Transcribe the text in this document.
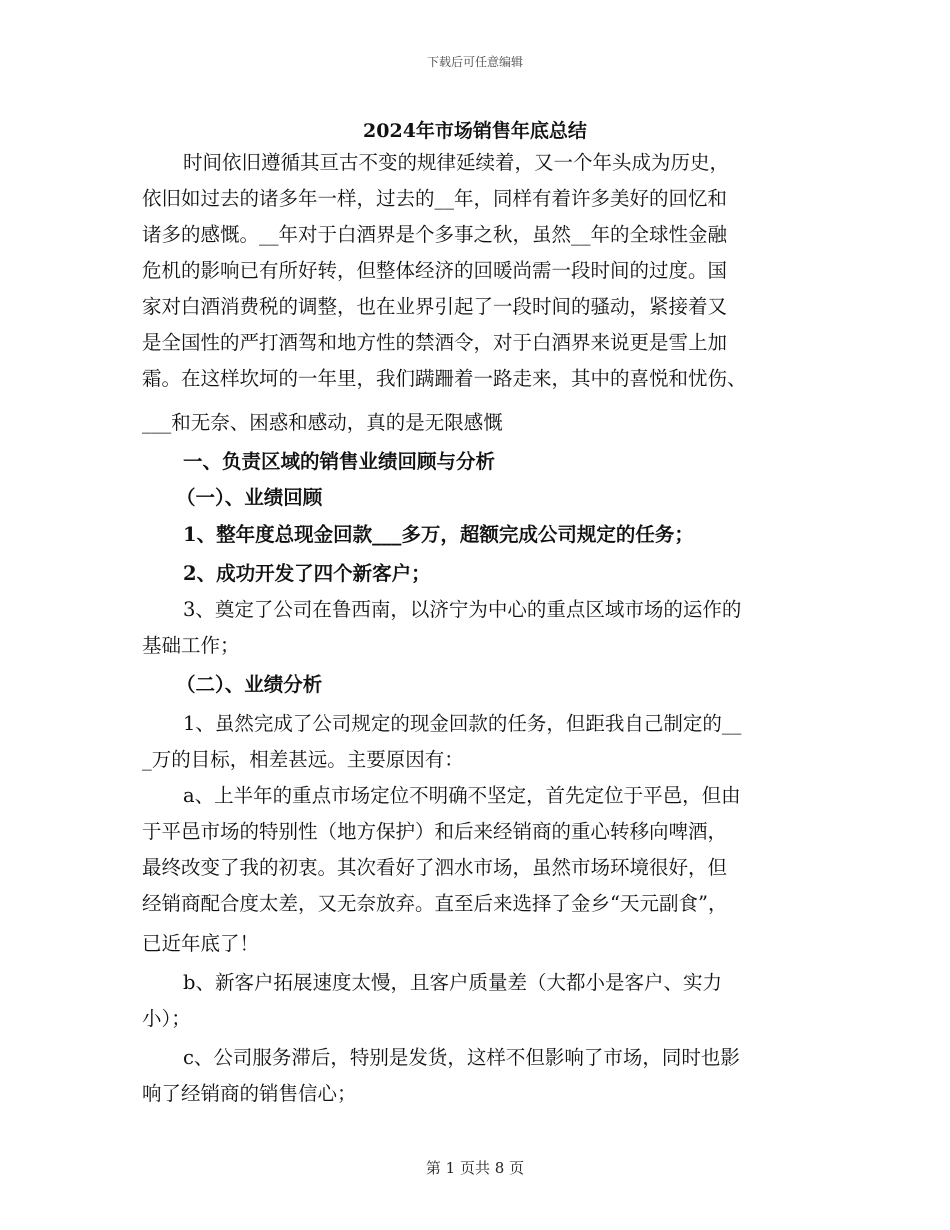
下载后可任意编辑
2024年市场销售年底总结
时间依旧遵循其亘古不变的规律延续着，又一个年头成为历史，
依旧如过去的诸多年一样，过去的__年，同样有着许多美好的回忆和
诸多的感慨。__年对于白酒界是个多事之秋，虽然__年的全球性金融
危机的影响已有所好转，但整体经济的回暖尚需一段时间的过度。国
家对白酒消费税的调整，也在业界引起了一段时间的骚动，紧接着又
是全国性的严打酒驾和地方性的禁酒令，对于白酒界来说更是雪上加
霜。在这样坎坷的一年里，我们蹒跚着一路走来，其中的喜悦和忧伤、
___和无奈、困惑和感动，真的是无限感慨
一、负责区域的销售业绩回顾与分析
（一）、业绩回顾
1、整年度总现金回款___多万，超额完成公司规定的任务；
2、成功开发了四个新客户；
3、奠定了公司在鲁西南，以济宁为中心的重点区域市场的运作的
基础工作；
（二）、业绩分析
1、虽然完成了公司规定的现金回款的任务，但距我自己制定的__
_万的目标，相差甚远。主要原因有：
a、上半年的重点市场定位不明确不坚定，首先定位于平邑，但由
于平邑市场的特别性（地方保护）和后来经销商的重心转移向啤酒，
最终改变了我的初衷。其次看好了泗水市场，虽然市场环境很好，但
经销商配合度太差，又无奈放弃。直至后来选择了金乡“天元副食”，
已近年底了！
b、新客户拓展速度太慢，且客户质量差（大都小是客户、实力
小）；
c、公司服务滞后，特别是发货，这样不但影响了市场，同时也影
响了经销商的销售信心；
第 1 页共 8 页
